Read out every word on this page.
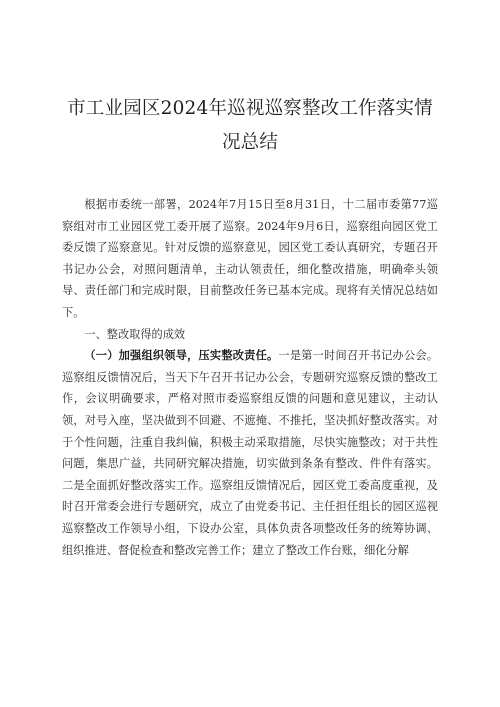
市工业园区2024年巡视巡察整改工作落实情况总结

根据市委统一部署，2024年7月15日至8月31日，十二届市委第77巡察组对市工业园区党工委开展了巡察。2024年9月6日，巡察组向园区党工委反馈了巡察意见。针对反馈的巡察意见，园区党工委认真研究，专题召开书记办公会，对照问题清单，主动认领责任，细化整改措施，明确牵头领导、责任部门和完成时限，目前整改任务已基本完成。现将有关情况总结如下。

一、整改取得的成效

（一）加强组织领导，压实整改责任。一是第一时间召开书记办公会。巡察组反馈情况后，当天下午召开书记办公会，专题研究巡察反馈的整改工作，会议明确要求，严格对照市委巡察组反馈的问题和意见建议，主动认领，对号入座，坚决做到不回避、不遮掩、不推托，坚决抓好整改落实。对于个性问题，注重自我纠偏，积极主动采取措施，尽快实施整改；对于共性问题，集思广益，共同研究解决措施，切实做到条条有整改、件件有落实。二是全面抓好整改落实工作。巡察组反馈情况后，园区党工委高度重视，及时召开常委会进行专题研究，成立了由党委书记、主任担任组长的园区巡视巡察整改工作领导小组，下设办公室，具体负责各项整改任务的统筹协调、组织推进、督促检查和整改完善工作；建立了整改工作台账，细化分解
